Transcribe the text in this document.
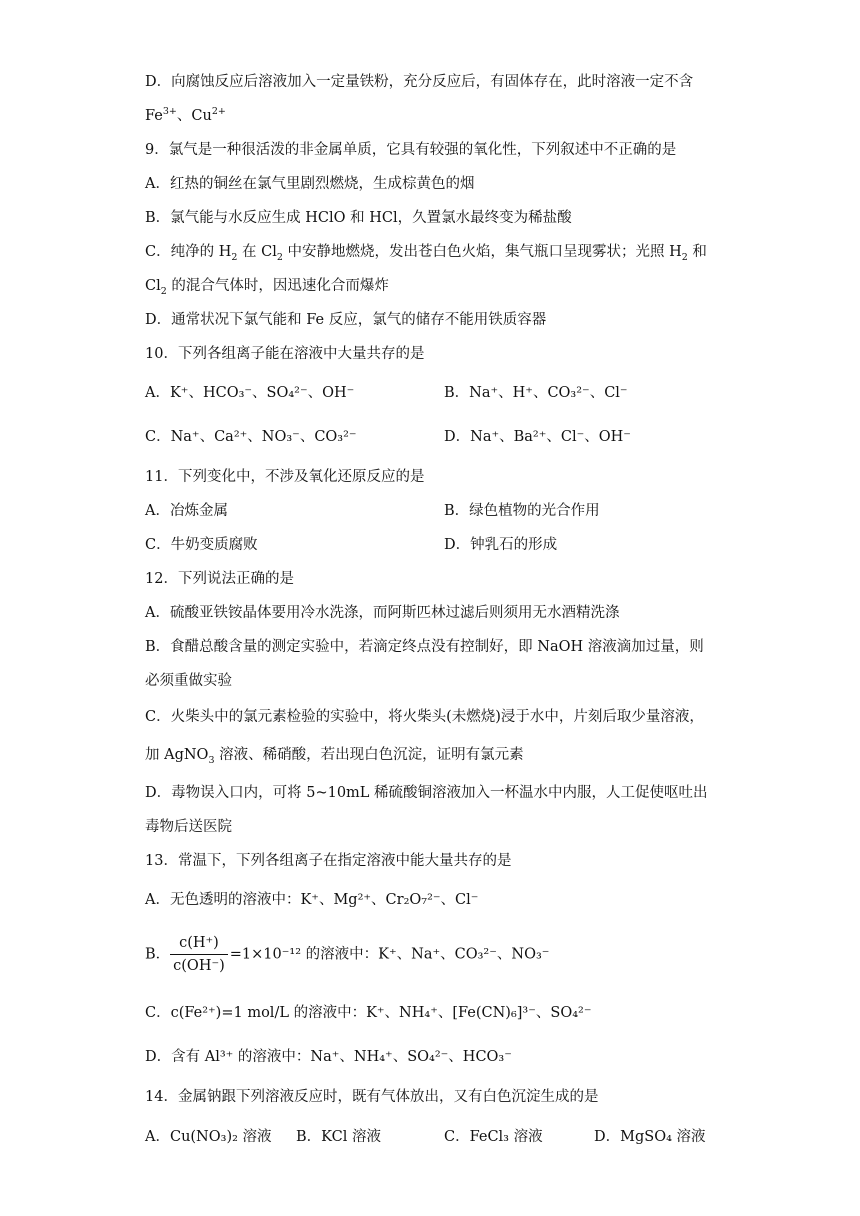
D．向腐蚀反应后溶液加入一定量铁粉，充分反应后，有固体存在，此时溶液一定不含
$Fe^{3+}$、$Cu^{2+}$
9．氯气是一种很活泼的非金属单质，它具有较强的氧化性，下列叙述中不正确的是
A．红热的铜丝在氯气里剧烈燃烧，生成棕黄色的烟
B．氯气能与水反应生成 HClO 和 HCl，久置氯水最终变为稀盐酸
C．纯净的 $H_2$ 在 $Cl_2$ 中安静地燃烧，发出苍白色火焰，集气瓶口呈现雾状；光照 $H_2$ 和
$Cl_2$ 的混合气体时，因迅速化合而爆炸
D．通常状况下氯气能和 Fe 反应，氯气的储存不能用铁质容器
10．下列各组离子能在溶液中大量共存的是
A．K⁺、HCO₃⁻、SO₄²⁻、OH⁻	B．Na⁺、H⁺、CO₃²⁻、Cl⁻
C．Na⁺、Ca²⁺、NO₃⁻、CO₃²⁻	D．Na⁺、Ba²⁺、Cl⁻、OH⁻
11．下列变化中，不涉及氧化还原反应的是
A．冶炼金属	B．绿色植物的光合作用
C．牛奶变质腐败	D．钟乳石的形成
12．下列说法正确的是
A．硫酸亚铁铵晶体要用冷水洗涤，而阿斯匹林过滤后则须用无水酒精洗涤
B．食醋总酸含量的测定实验中，若滴定终点没有控制好，即 NaOH 溶液滴加过量，则
必须重做实验
C．火柴头中的氯元素检验的实验中，将火柴头(未燃烧)浸于水中，片刻后取少量溶液，
加 AgNO$_3$ 溶液、稀硝酸，若出现白色沉淀，证明有氯元素
D．毒物误入口内，可将 5~10mL 稀硫酸铜溶液加入一杯温水中内服，人工促使呕吐出
毒物后送医院
13．常温下，下列各组离子在指定溶液中能大量共存的是
A．无色透明的溶液中：K⁺、Mg²⁺、Cr₂O₇²⁻、Cl⁻
B． $\frac{c(H^+)}{c(OH^-)} =1\times 10^{-12}$ 的溶液中：K⁺、Na⁺、CO₃²⁻、NO₃⁻
C．c(Fe²⁺)=1 mol/L 的溶液中：K⁺、NH₄⁺、[Fe(CN)₆]³⁻、SO₄²⁻
D．含有 Al³⁺ 的溶液中：Na⁺、NH₄⁺、SO₄²⁻、HCO₃⁻
14．金属钠跟下列溶液反应时，既有气体放出，又有白色沉淀生成的是
A．Cu(NO₃)₂ 溶液 B．KCl 溶液	C．FeCl₃ 溶液	D．MgSO₄ 溶液
